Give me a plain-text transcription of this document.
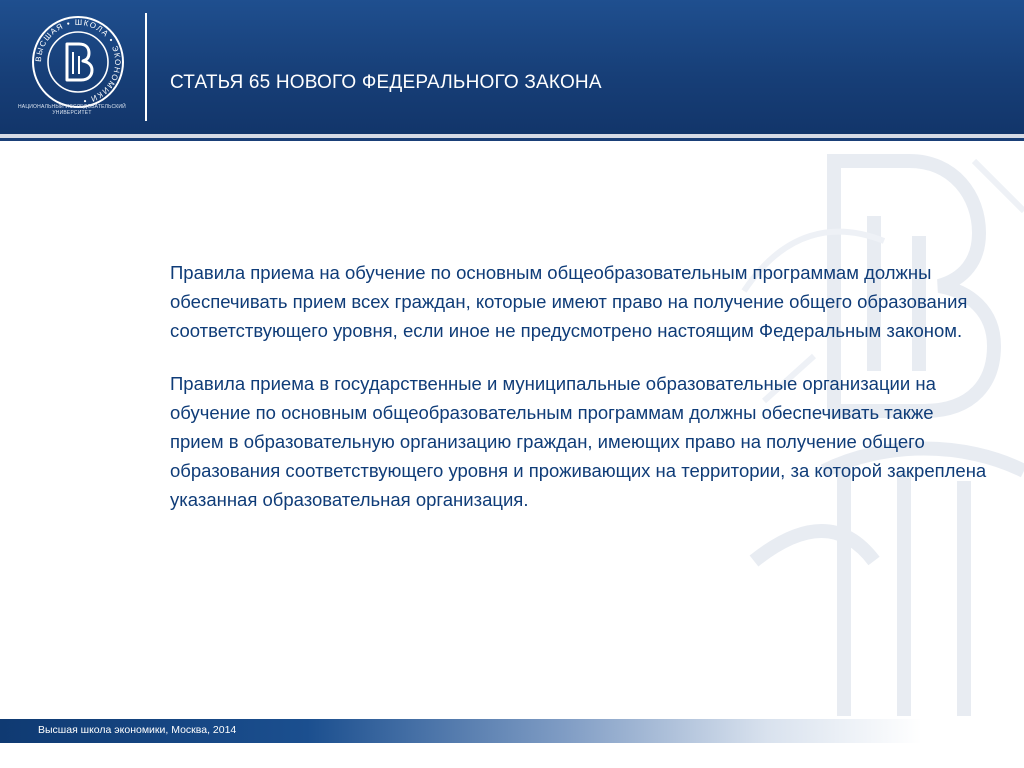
ВЫСШАЯ • ШКОЛА • ЭКОНОМИКИ •
НАЦИОНАЛЬНЫЙ ИССЛЕДОВАТЕЛЬСКИЙ
УНИВЕРСИТЕТ
СТАТЬЯ 65 НОВОГО ФЕДЕРАЛЬНОГО ЗАКОНА

Правила приема на обучение по основным общеобразовательным программам должны обеспечивать прием всех граждан, которые имеют право на получение общего образования соответствующего уровня, если иное не предусмотрено настоящим Федеральным законом.

Правила приема в государственные и муниципальные образовательные организации на обучение по основным общеобразовательным программам должны обеспечивать также прием в образовательную организацию граждан, имеющих право на получение общего образования соответствующего уровня и проживающих на территории, за которой закреплена указанная образовательная организация.

Высшая школа экономики, Москва, 2014
